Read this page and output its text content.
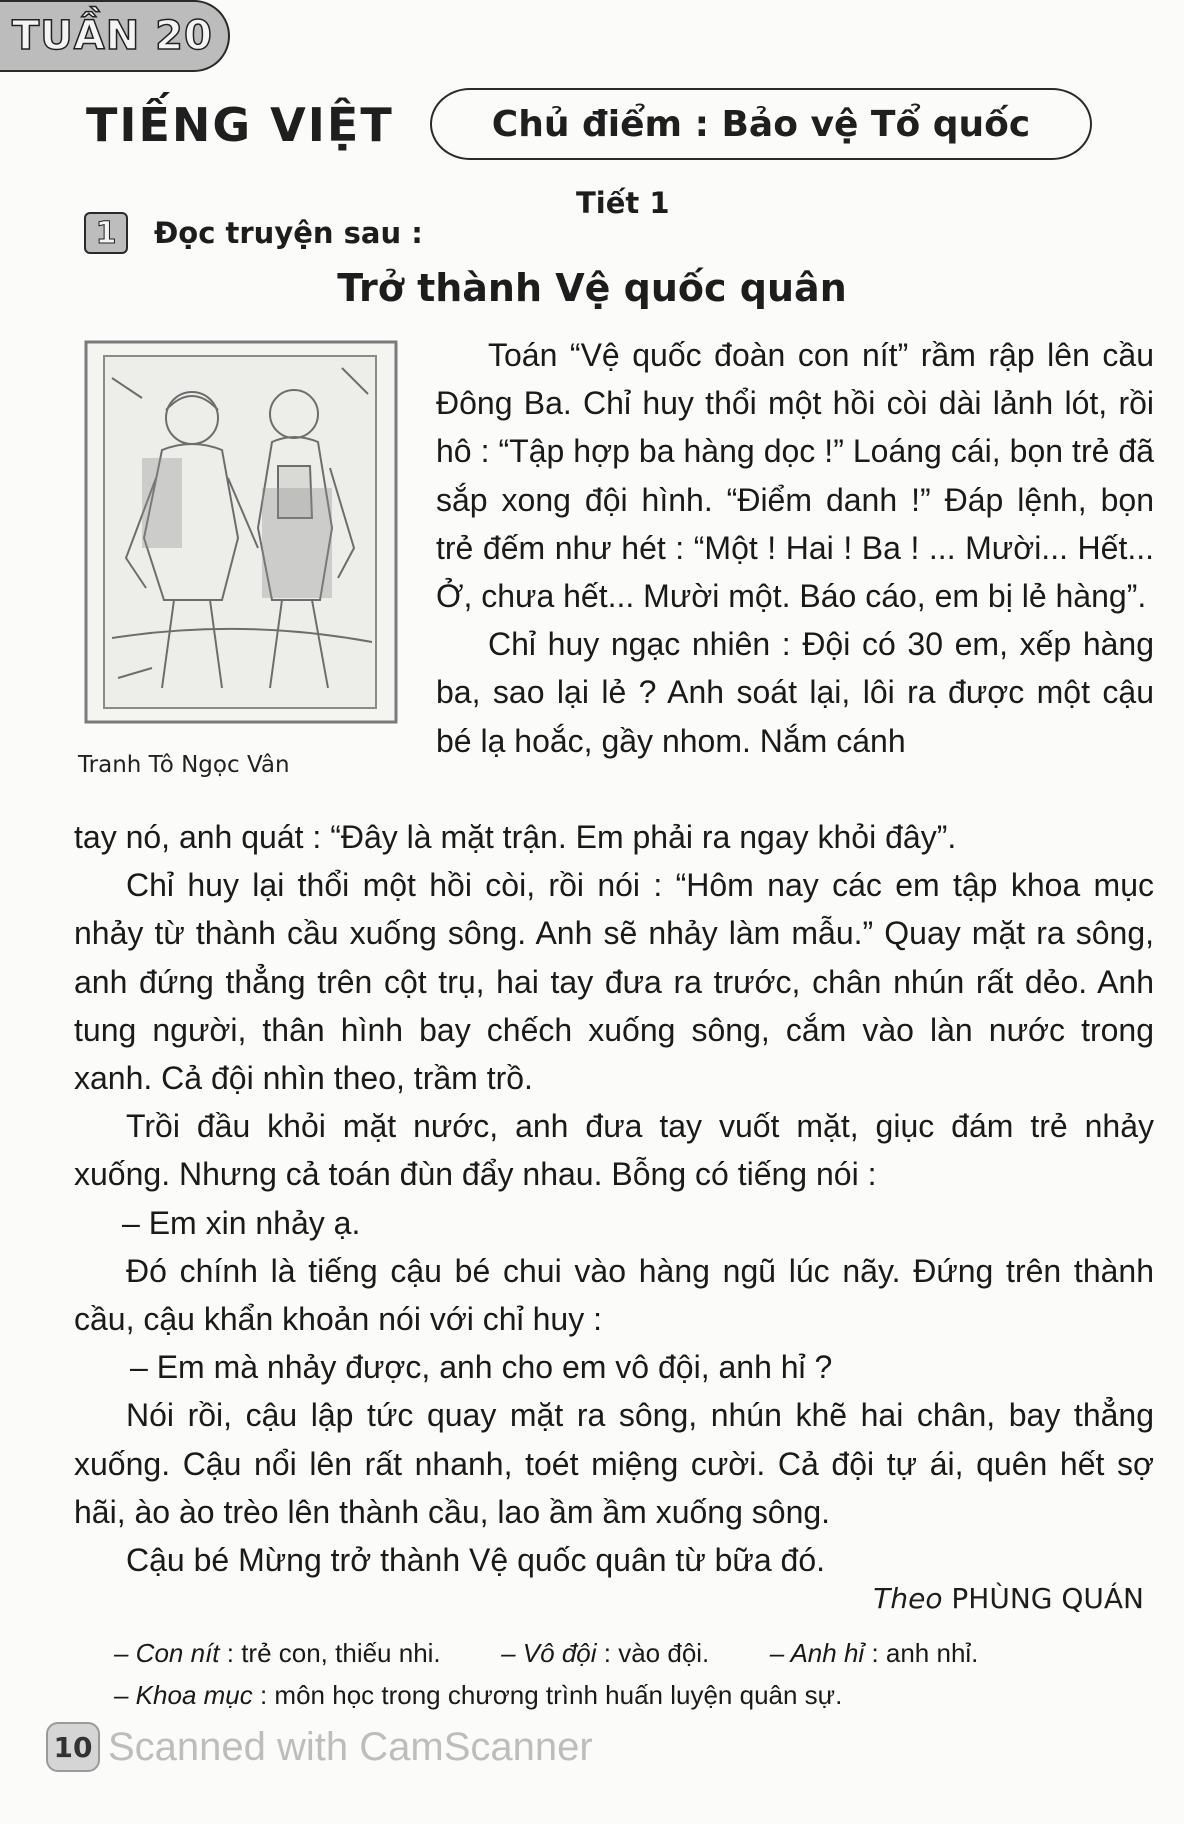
TUẦN 20
TIẾNG VIỆT	Chủ điểm : Bảo vệ Tổ quốc
Tiết 1
1	Đọc truyện sau :
Trở thành Vệ quốc quân
Tranh Tô Ngọc Vân

Toán “Vệ quốc đoàn con nít” rầm rập lên cầu Đông Ba. Chỉ huy thổi một hồi còi dài lảnh lót, rồi hô : “Tập hợp ba hàng dọc !” Loáng cái, bọn trẻ đã sắp xong đội hình. “Điểm danh !” Đáp lệnh, bọn trẻ đếm như hét : “Một ! Hai ! Ba ! ... Mười... Hết... Ở, chưa hết... Mười một. Báo cáo, em bị lẻ hàng”.

Chỉ huy ngạc nhiên : Đội có 30 em, xếp hàng ba, sao lại lẻ ? Anh soát lại, lôi ra được một cậu bé lạ hoắc, gầy nhom. Nắm cánh

tay nó, anh quát : “Đây là mặt trận. Em phải ra ngay khỏi đây”.

Chỉ huy lại thổi một hồi còi, rồi nói : “Hôm nay các em tập khoa mục nhảy từ thành cầu xuống sông. Anh sẽ nhảy làm mẫu.” Quay mặt ra sông, anh đứng thẳng trên cột trụ, hai tay đưa ra trước, chân nhún rất dẻo. Anh tung người, thân hình bay chếch xuống sông, cắm vào làn nước trong xanh. Cả đội nhìn theo, trầm trồ.

Trồi đầu khỏi mặt nước, anh đưa tay vuốt mặt, giục đám trẻ nhảy xuống. Nhưng cả toán đùn đẩy nhau. Bỗng có tiếng nói :

– Em xin nhảy ạ.

Đó chính là tiếng cậu bé chui vào hàng ngũ lúc nãy. Đứng trên thành cầu, cậu khẩn khoản nói với chỉ huy :

– Em mà nhảy được, anh cho em vô đội, anh hỉ ?

Nói rồi, cậu lập tức quay mặt ra sông, nhún khẽ hai chân, bay thẳng xuống. Cậu nổi lên rất nhanh, toét miệng cười. Cả đội tự ái, quên hết sợ hãi, ào ào trèo lên thành cầu, lao ầm ầm xuống sông.

Cậu bé Mừng trở thành Vệ quốc quân từ bữa đó.

Theo PHÙNG QUÁN
– Con nít : trẻ con, thiếu nhi. – Vô đội : vào đội. – Anh hỉ : anh nhỉ.
– Khoa mục : môn học trong chương trình huấn luyện quân sự.
10 Scanned with CamScanner
